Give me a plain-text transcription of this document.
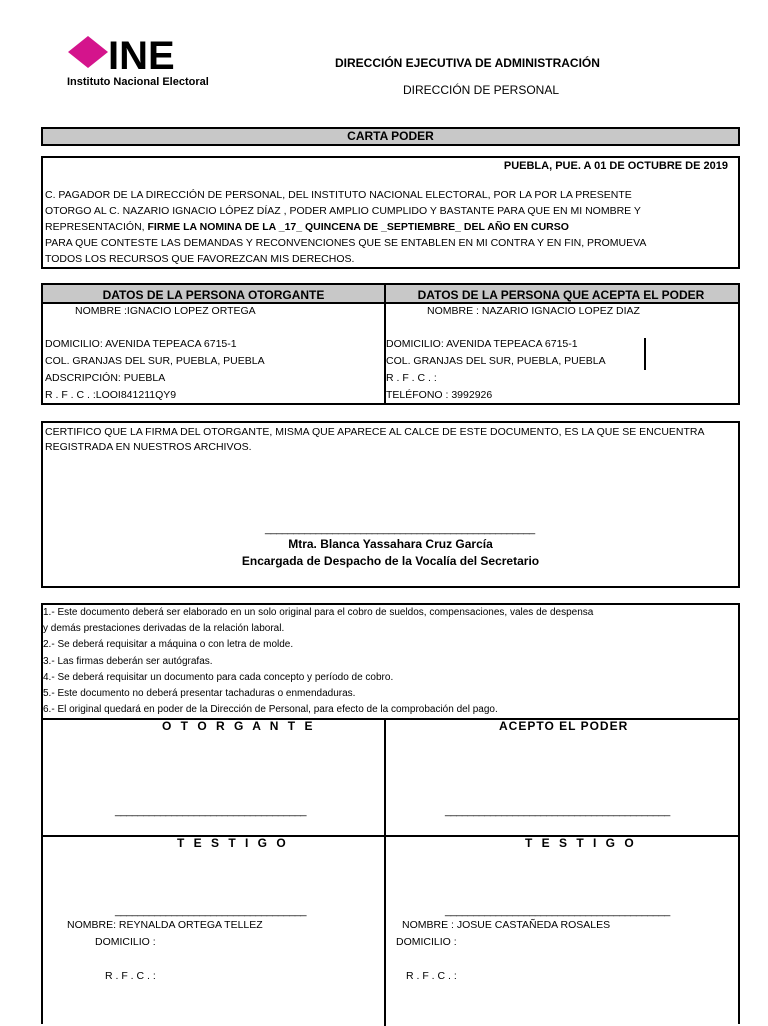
INE
Instituto Nacional Electoral
DIRECCIÓN EJECUTIVA DE ADMINISTRACIÓN
DIRECCIÓN DE PERSONAL
CARTA PODER
PUEBLA, PUE. A 01 DE OCTUBRE DE 2019
C. PAGADOR DE LA DIRECCIÓN DE PERSONAL, DEL INSTITUTO NACIONAL ELECTORAL, POR LA POR LA PRESENTE
OTORGO AL C. NAZARIO IGNACIO LÓPEZ DÍAZ , PODER AMPLIO CUMPLIDO Y BASTANTE PARA QUE EN MI NOMBRE Y
REPRESENTACIÓN, FIRME LA NOMINA DE LA _17_ QUINCENA DE _SEPTIEMBRE_ DEL AÑO EN CURSO
PARA QUE CONTESTE LAS DEMANDAS Y RECONVENCIONES QUE SE ENTABLEN EN MI CONTRA Y EN FIN, PROMUEVA
TODOS LOS RECURSOS QUE FAVOREZCAN MIS DERECHOS.
DATOS DE LA PERSONA OTORGANTE	DATOS DE LA PERSONA QUE ACEPTA EL PODER
NOMBRE :IGNACIO LOPEZ ORTEGA
DOMICILIO: AVENIDA TEPEACA 6715-1
COL. GRANJAS DEL SUR, PUEBLA, PUEBLA
ADSCRIPCIÓN: PUEBLA
R . F . C . :LOOI841211QY9
NOMBRE : NAZARIO IGNACIO LOPEZ DIAZ
DOMICILIO: AVENIDA TEPEACA 6715-1
COL. GRANJAS DEL SUR, PUEBLA, PUEBLA
R . F . C . :
TELÉFONO : 3992926
CERTIFICO QUE LA FIRMA DEL OTORGANTE, MISMA QUE APARECE AL CALCE DE ESTE DOCUMENTO, ES LA QUE SE ENCUENTRA REGISTRADA EN NUESTROS ARCHIVOS.
________________________________________________
Mtra. Blanca Yassahara Cruz García
Encargada de Despacho de la Vocalía del Secretario
1.- Este documento deberá ser elaborado en un solo original para el cobro de sueldos, compensaciones, vales de despensa
y demás prestaciones derivadas de la relación laboral.
2.- Se deberá requisitar a máquina o con letra de molde.
3.- Las firmas deberán ser autógrafas.
4.- Se deberá requisitar un documento para cada concepto y período de cobro.
5.- Este documento no deberá presentar tachaduras o enmendaduras.
6.- El original quedará en poder de la Dirección de Personal, para efecto de la comprobación del pago.
O T O R G A N T E	ACEPTO EL PODER
__________________________________	________________________________________
T E S T I G O	T E S T I G O
__________________________________	________________________________________
NOMBRE: REYNALDA ORTEGA TELLEZ
DOMICILIO :
R . F . C . :
NOMBRE : JOSUE CASTAÑEDA ROSALES
DOMICILIO :
R . F . C . :
